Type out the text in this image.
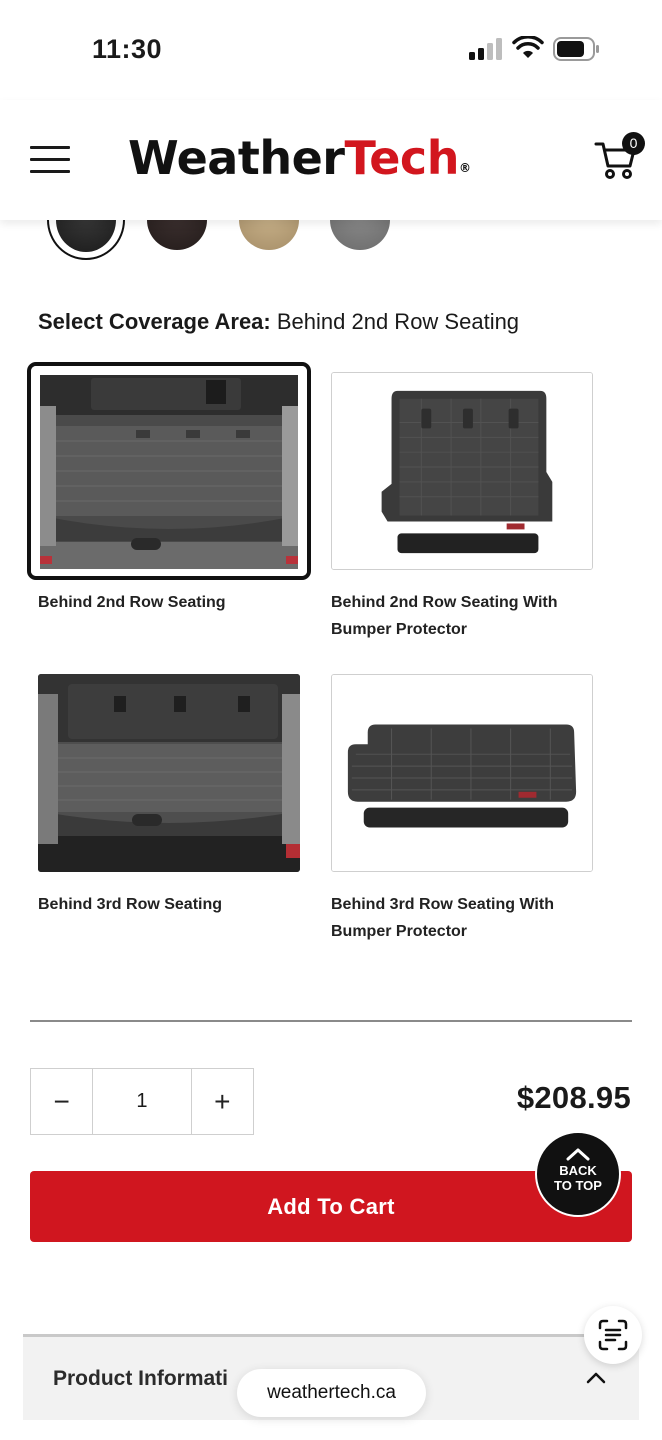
11:30
WeatherTech®
0
Select Coverage Area: Behind 2nd Row Seating
Behind 2nd Row Seating	Behind 2nd Row Seating With
Bumper Protector
Behind 3rd Row Seating	Behind 3rd Row Seating With
Bumper Protector
−	1	+	$208.95
Add To Cart
BACK
TO TOP
Product Informati
weathertech.ca
